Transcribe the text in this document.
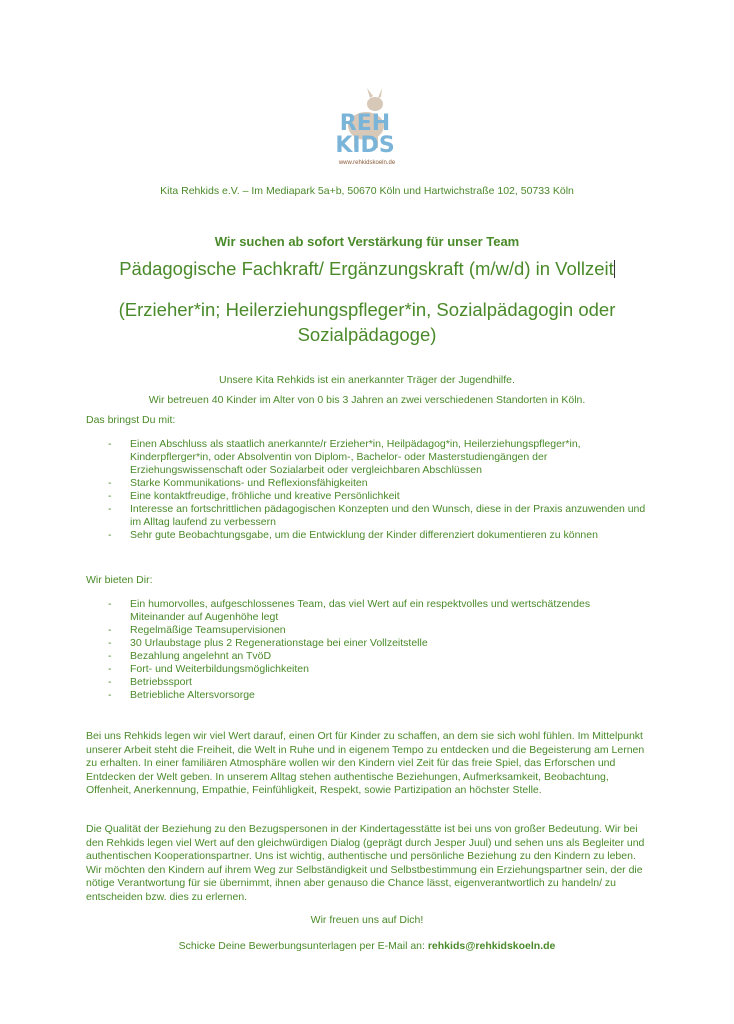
REH
KIDS
www.rehkidskoeln.de
Kita Rehkids e.V. – Im Mediapark 5a+b, 50670 Köln und Hartwichstraße 102, 50733 Köln
Wir suchen ab sofort Verstärkung für unser Team
Pädagogische Fachkraft/ Ergänzungskraft (m/w/d) in Vollzeit
(Erzieher*in; Heilerziehungspfleger*in, Sozialpädagogin oder Sozialpädagoge)
Unsere Kita Rehkids ist ein anerkannter Träger der Jugendhilfe.
Wir betreuen 40 Kinder im Alter von 0 bis 3 Jahren an zwei verschiedenen Standorten in Köln.
Das bringst Du mit:
- Einen Abschluss als staatlich anerkannte/r Erzieher*in, Heilpädagog*in, Heilerziehungspfleger*in, Kinderpflerger*in, oder Absolventin von Diplom-, Bachelor- oder Masterstudiengängen der Erziehungswissenschaft oder Sozialarbeit oder vergleichbaren Abschlüssen
- Starke Kommunikations- und Reflexionsfähigkeiten
- Eine kontaktfreudige, fröhliche und kreative Persönlichkeit
- Interesse an fortschrittlichen pädagogischen Konzepten und den Wunsch, diese in der Praxis anzuwenden und im Alltag laufend zu verbessern
- Sehr gute Beobachtungsgabe, um die Entwicklung der Kinder differenziert dokumentieren zu können
Wir bieten Dir:
- Ein humorvolles, aufgeschlossenes Team, das viel Wert auf ein respektvolles und wertschätzendes Miteinander auf Augenhöhe legt
- Regelmäßige Teamsupervisionen
- 30 Urlaubstage plus 2 Regenerationstage bei einer Vollzeitstelle
- Bezahlung angelehnt an TvöD
- Fort- und Weiterbildungsmöglichkeiten
- Betriebssport
- Betriebliche Altersvorsorge

Bei uns Rehkids legen wir viel Wert darauf, einen Ort für Kinder zu schaffen, an dem sie sich wohl fühlen. Im Mittelpunkt unserer Arbeit steht die Freiheit, die Welt in Ruhe und in eigenem Tempo zu entdecken und die Begeisterung am Lernen zu erhalten. In einer familiären Atmosphäre wollen wir den Kindern viel Zeit für das freie Spiel, das Erforschen und Entdecken der Welt geben. In unserem Alltag stehen authentische Beziehungen, Aufmerksamkeit, Beobachtung, Offenheit, Anerkennung, Empathie, Feinfühligkeit, Respekt, sowie Partizipation an höchster Stelle.

Die Qualität der Beziehung zu den Bezugspersonen in der Kindertagesstätte ist bei uns von großer Bedeutung. Wir bei den Rehkids legen viel Wert auf den gleichwürdigen Dialog (geprägt durch Jesper Juul) und sehen uns als Begleiter und authentischen Kooperationspartner. Uns ist wichtig, authentische und persönliche Beziehung zu den Kindern zu leben. Wir möchten den Kindern auf ihrem Weg zur Selbständigkeit und Selbstbestimmung ein Erziehungspartner sein, der die nötige Verantwortung für sie übernimmt, ihnen aber genauso die Chance lässt, eigenverantwortlich zu handeln/ zu entscheiden bzw. dies zu erlernen.

Wir freuen uns auf Dich!
Schicke Deine Bewerbungsunterlagen per E-Mail an: rehkids@rehkidskoeln.de
